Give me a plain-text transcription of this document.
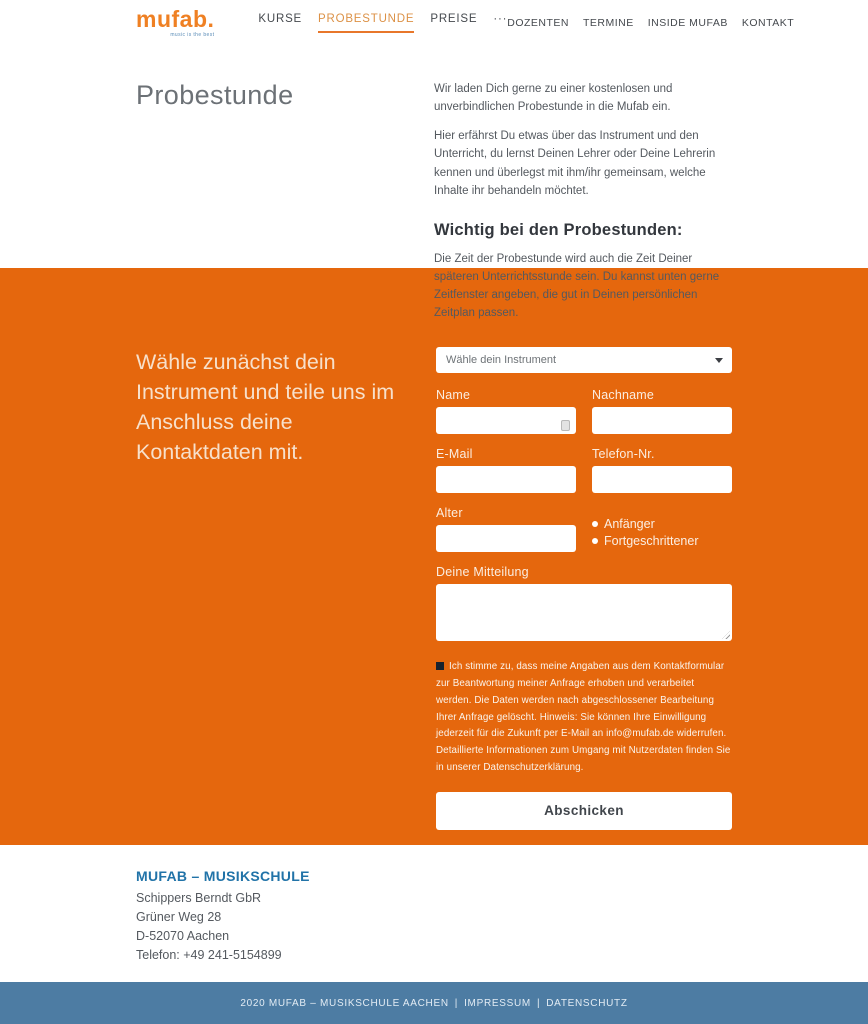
mufab.
music is the best
KURSE PROBESTUNDE PREISE ··· DOZENTEN TERMINE INSIDE MUFAB KONTAKT
Probestunde	Wir laden Dich gerne zu einer kostenlosen und unverbindlichen Probestunde in die Mufab ein.

Hier erfährst Du etwas über das Instrument und den Unterricht, du lernst Deinen Lehrer oder Deine Lehrerin kennen und überlegst mit ihm/ihr gemeinsam, welche Inhalte ihr behandeln möchtet.

Wichtig bei den Probestunden:

Die Zeit der Probestunde wird auch die Zeit Deiner späteren Unterrichtsstunde sein. Du kannst unten gerne Zeitfenster angeben, die gut in Deinen persönlichen Zeitplan passen.

Wähle zunächst dein Instrument und teile uns im Anschluss deine Kontaktdaten mit.
Wähle dein Instrument
Name	Nachname
E-Mail	Telefon-Nr.
Alter
Anfänger
Fortgeschrittener
Deine Mitteilung

Ich stimme zu, dass meine Angaben aus dem Kontaktformular zur Beantwortung meiner Anfrage erhoben und verarbeitet werden. Die Daten werden nach abgeschlossener Bearbeitung Ihrer Anfrage gelöscht. Hinweis: Sie können Ihre Einwilligung jederzeit für die Zukunft per E-Mail an info@mufab.de widerrufen. Detaillierte Informationen zum Umgang mit Nutzerdaten finden Sie in unserer Datenschutzerklärung.

Abschicken
MUFAB – MUSIKSCHULE
Schippers Berndt GbR
Grüner Weg 28
D-52070 Aachen
Telefon: +49 241-5154899
2020 MUFAB – MUSIKSCHULE AACHEN | IMPRESSUM | DATENSCHUTZ
